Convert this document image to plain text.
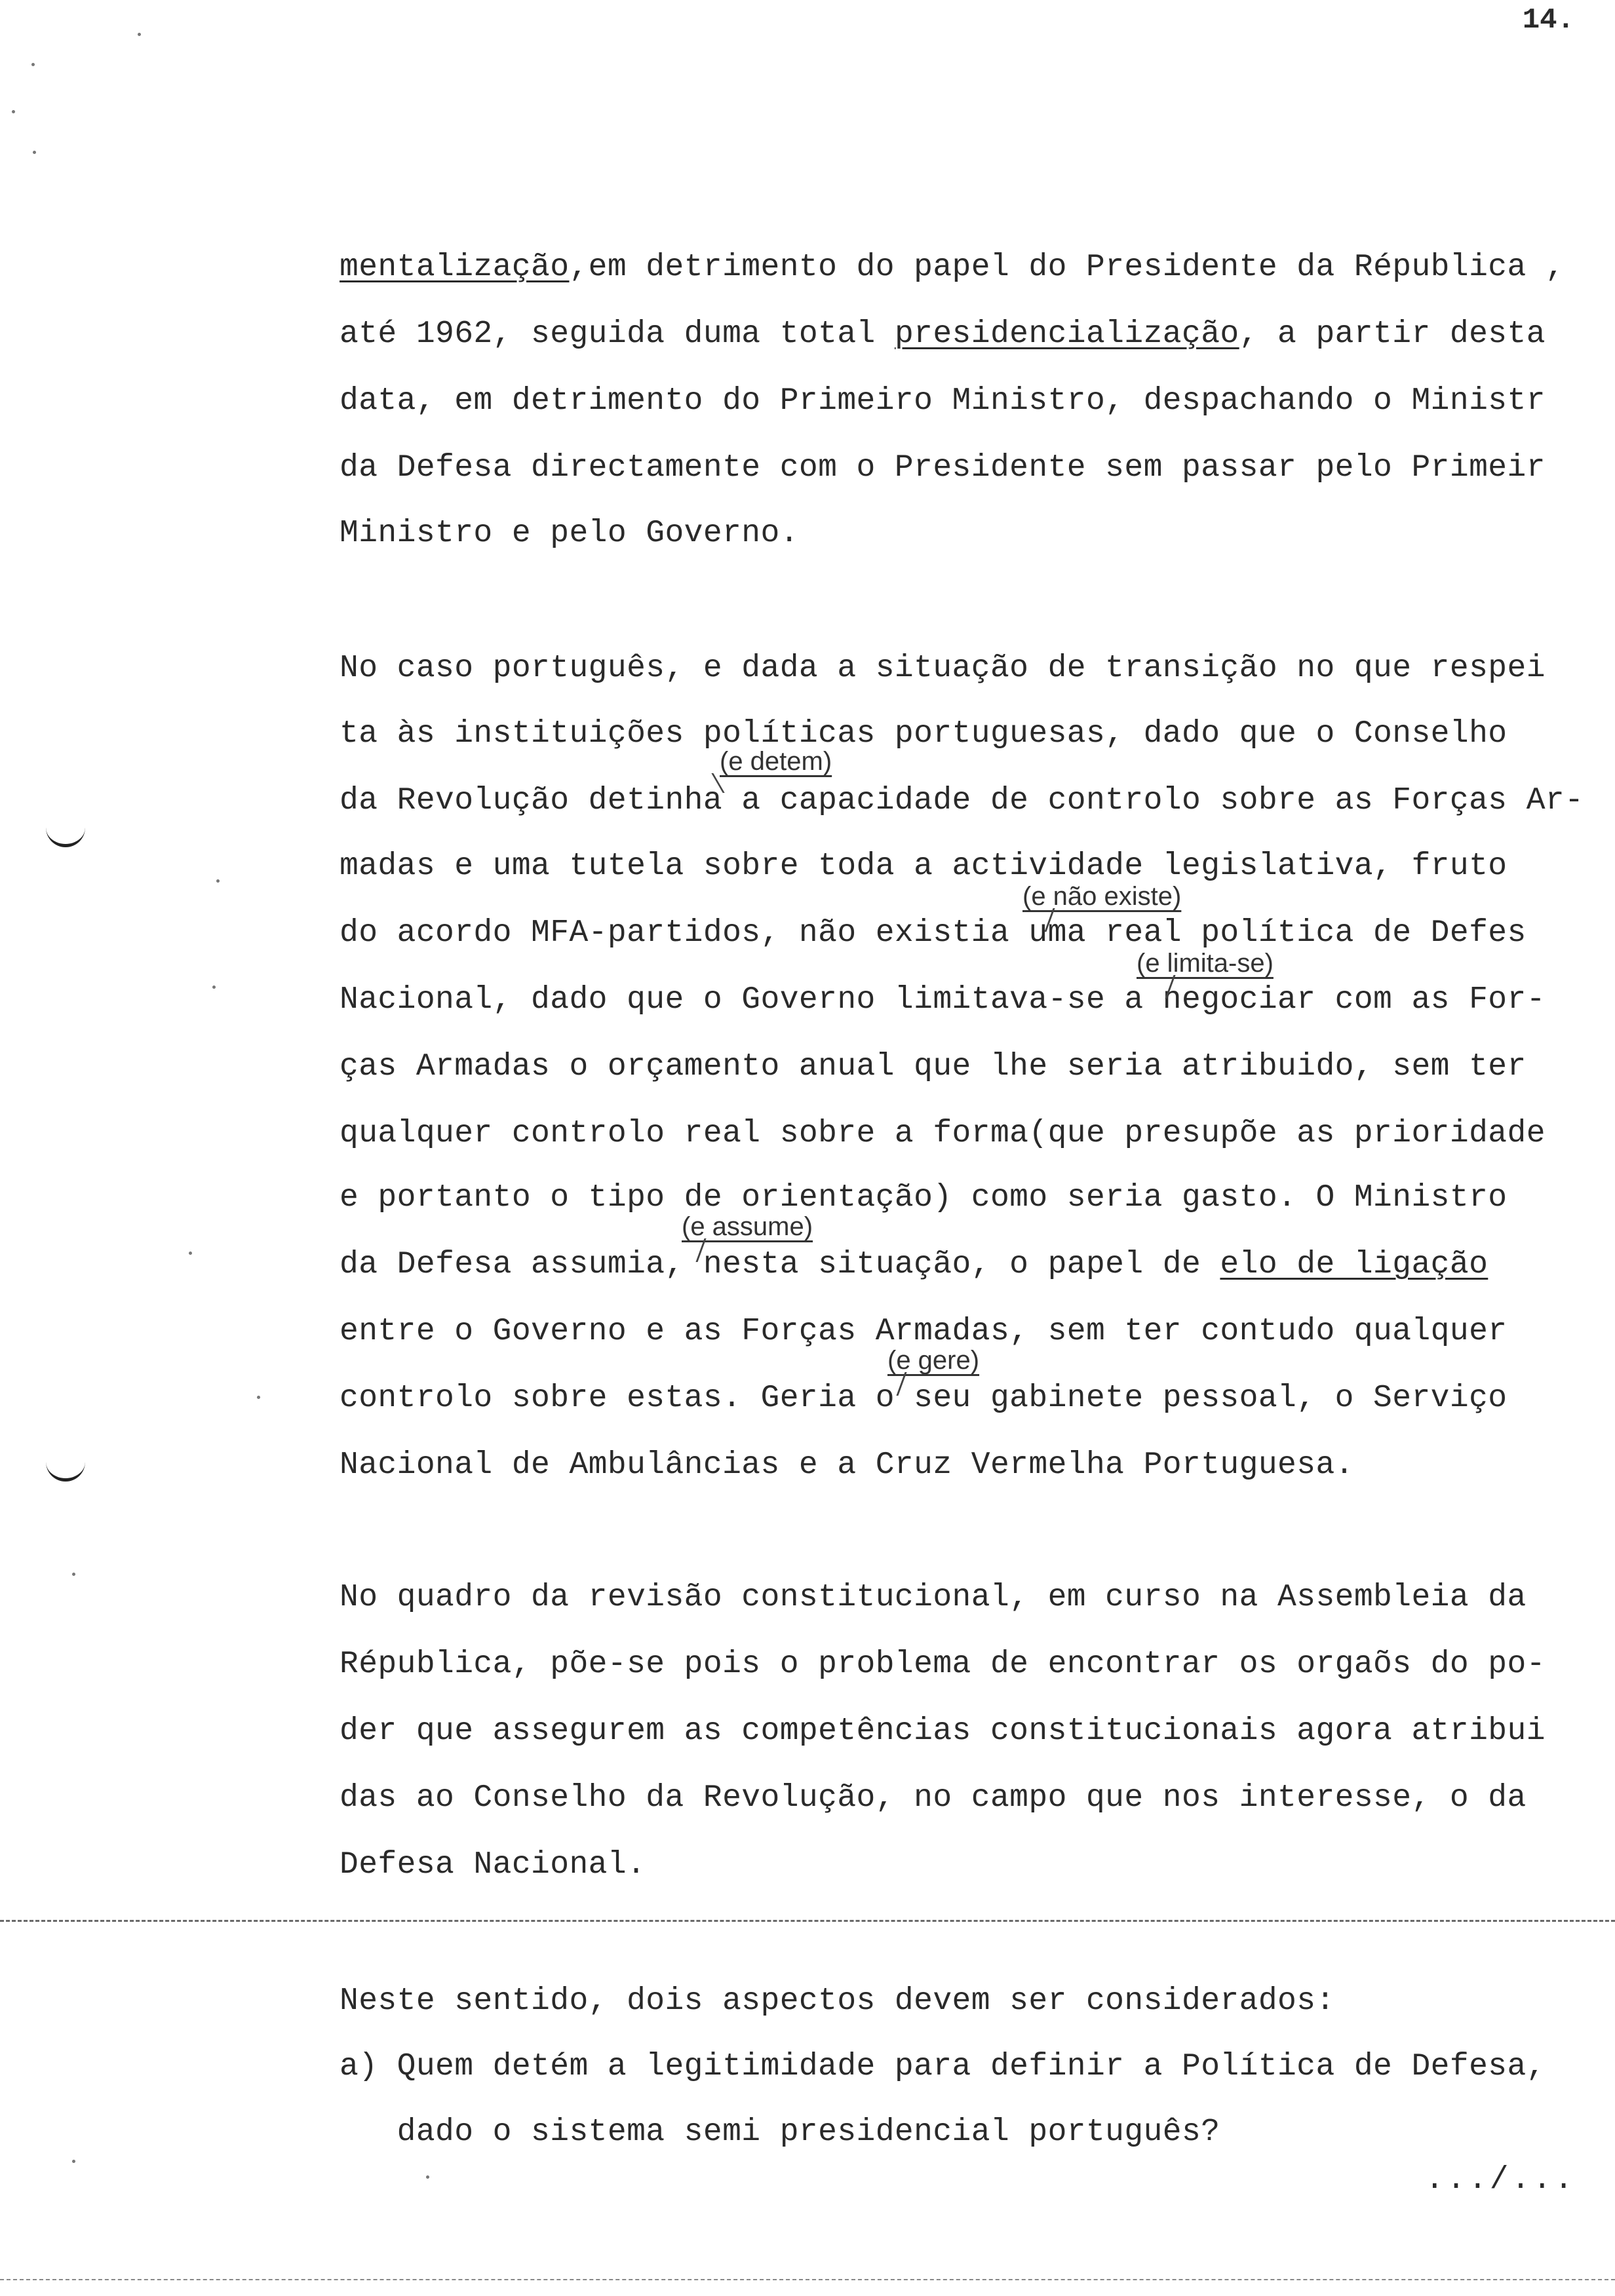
14.
mentalização,em detrimento do papel do Presidente da Républica ,
até 1962, seguida duma total presidencialização, a partir desta
data, em detrimento do Primeiro Ministro, despachando o Ministr
da Defesa directamente com o Presidente sem passar pelo Primeir
Ministro e pelo Governo.
No caso português, e dada a situação de transição no que respei
ta às instituições políticas portuguesas, dado que o Conselho
(e detem)
da Revolução detinha a capacidade de controlo sobre as Forças Ar-
madas e uma tutela sobre toda a actividade legislativa, fruto
(e não existe)
do acordo MFA-partidos, não existia uma real política de Defes
(e limita-se)
Nacional, dado que o Governo limitava-se a negociar com as For-
ças Armadas o orçamento anual que lhe seria atribuido, sem ter
qualquer controlo real sobre a forma(que presupõe as prioridade
e portanto o tipo de orientação) como seria gasto. O Ministro
(e assume)
da Defesa assumia, nesta situação, o papel de elo de ligação
entre o Governo e as Forças Armadas, sem ter contudo qualquer
(e gere)
controlo sobre estas. Geria o seu gabinete pessoal, o Serviço
Nacional de Ambulâncias e a Cruz Vermelha Portuguesa.
No quadro da revisão constitucional, em curso na Assembleia da
Républica, põe-se pois o problema de encontrar os orgaõs do po-
der que assegurem as competências constitucionais agora atribui
das ao Conselho da Revolução, no campo que nos interesse, o da
Defesa Nacional.
Neste sentido, dois aspectos devem ser considerados:
a) Quem detém a legitimidade para definir a Política de Defesa,
dado o sistema semi presidencial português?
.../...
